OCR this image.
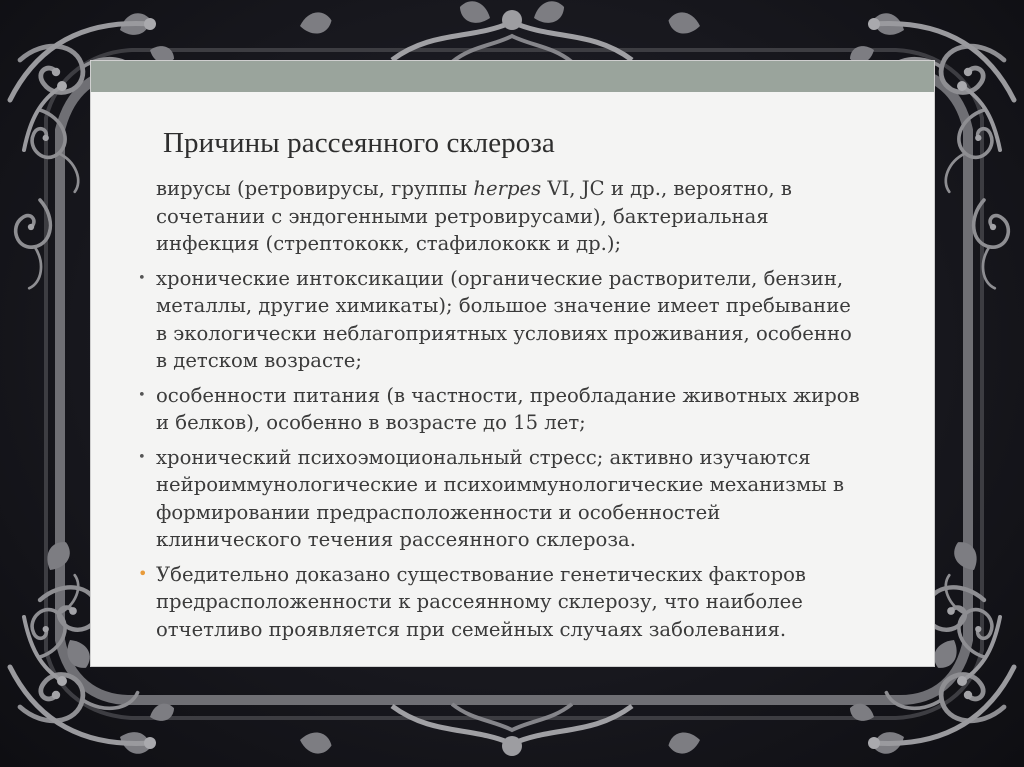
Причины рассеянного склероза
вирусы (ретровирусы, группы herpes VI, JC и др., вероятно, в
сочетании с эндогенными ретровирусами), бактериальная
инфекция (стрептококк, стафилококк и др.);
• хронические интоксикации (органические растворители, бензин,
металлы, другие химикаты); большое значение имеет пребывание
в экологически неблагоприятных условиях проживания, особенно
в детском возрасте;
• особенности питания (в частности, преобладание животных жиров
и белков), особенно в возрасте до 15 лет;
• хронический психоэмоциональный стресс; активно изучаются
нейроиммунологические и психоиммунологические механизмы в
формировании предрасположенности и особенностей
клинического течения рассеянного склероза.
• Убедительно доказано существование генетических факторов
предрасположенности к рассеянному склерозу, что наиболее
отчетливо проявляется при семейных случаях заболевания.
